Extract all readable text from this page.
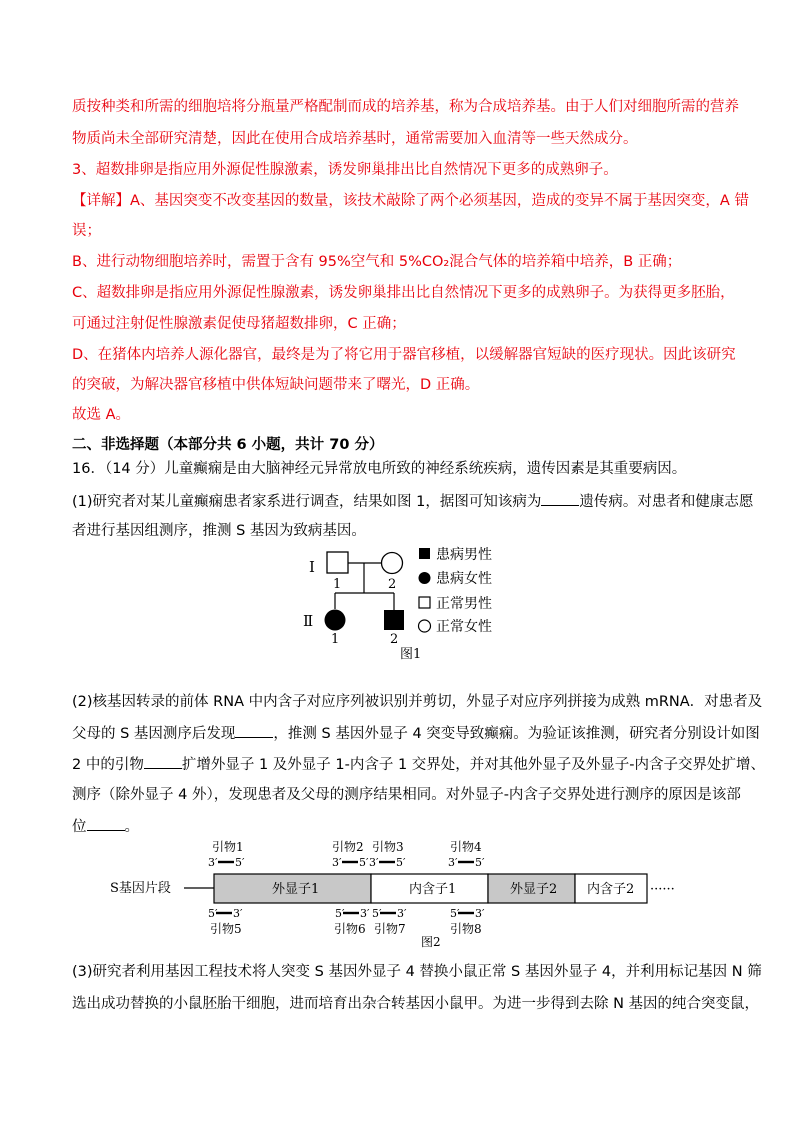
质按种类和所需的细胞培将分瓶量严格配制而成的培养基，称为合成培养基。由于人们对细胞所需的营养
物质尚未全部研究清楚，因此在使用合成培养基时，通常需要加入血清等一些天然成分。
3、超数排卵是指应用外源促性腺激素，诱发卵巢排出比自然情况下更多的成熟卵子。
【详解】A、基因突变不改变基因的数量，该技术敲除了两个必须基因，造成的变异不属于基因突变，A 错
误；
B、进行动物细胞培养时，需置于含有 95%空气和 5%CO₂混合气体的培养箱中培养，B 正确；
C、超数排卵是指应用外源促性腺激素，诱发卵巢排出比自然情况下更多的成熟卵子。为获得更多胚胎，
可通过注射促性腺激素促使母猪超数排卵，C 正确；
D、在猪体内培养人源化器官，最终是为了将它用于器官移植，以缓解器官短缺的医疗现状。因此该研究
的突破，为解决器官移植中供体短缺问题带来了曙光，D 正确。
故选 A。
二、非选择题（本部分共 6 小题，共计 70 分）
16．（14 分）儿童癫痫是由大脑神经元异常放电所致的神经系统疾病，遗传因素是其重要病因。
(1)研究者对某儿童癫痫患者家系进行调查，结果如图 1，据图可知该病为	遗传病。对患者和健康志愿
者进行基因组测序，推测 S 基因为致病基因。
I
1	2
Ⅱ
1	2
患病男性
患病女性
正常男性
正常女性
图1
(2)核基因转录的前体 RNA 中内含子对应序列被识别并剪切，外显子对应序列拼接为成熟 mRNA．对患者及
父母的 S 基因测序后发现	，推测 S 基因外显子 4 突变导致癫痫。为验证该推测，研究者分别设计如图
2 中的引物	扩增外显子 1 及外显子 1-内含子 1 交界处，并对其他外显子及外显子-内含子交界处扩增、
测序（除外显子 4 外），发现患者及父母的测序结果相同。对外显子-内含子交界处进行测序的原因是该部
位	。
S基因片段	外显子1	内含子1	外显子2 内含子2 ······
引物1
3′ 5′
引物2
3′ 5′
引物3
3′ 5′
引物4
3′ 5′
5′ 3′
引物5
5′ 3′
引物6
5′ 3′
引物7
5′ 3′
引物8
图2
(3)研究者利用基因工程技术将人突变 S 基因外显子 4 替换小鼠正常 S 基因外显子 4，并利用标记基因 N 筛
选出成功替换的小鼠胚胎干细胞，进而培育出杂合转基因小鼠甲。为进一步得到去除 N 基因的纯合突变鼠，
